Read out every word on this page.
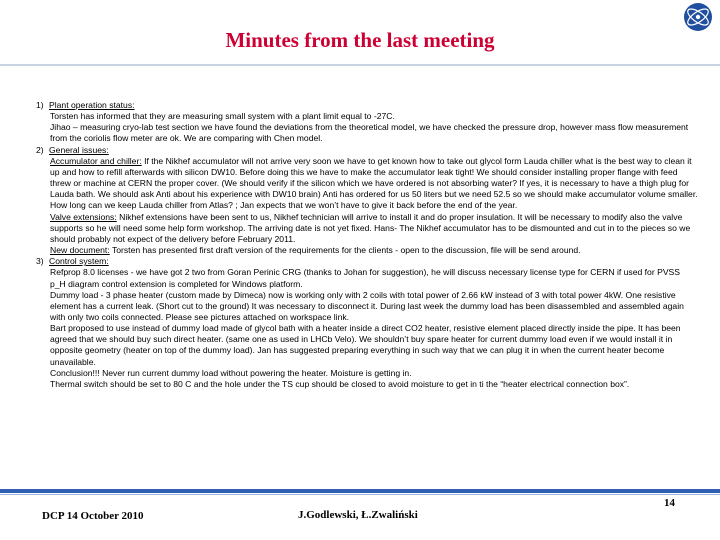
Minutes from the last meeting
1) Plant operation status:

Torsten has informed that they are measuring small system with a plant limit equal to -27C.

Jihao – measuring cryo-lab test section we have found the deviations from the theoretical model, we have checked the pressure drop, however mass flow measurement from the coriolis flow meter are ok. We are comparing with Chen model.

2) General issues:

Accumulator and chiller: If the Nikhef accumulator will not arrive very soon we have to get known how to take out glycol form Lauda chiller what is the best way to clean it up and how to refill afterwards with silicon DW10. Before doing this we have to make the accumulator leak tight! We should consider installing proper flange with feed threw or machine at CERN the proper cover. (We should verify if the silicon which we have ordered is not absorbing water? If yes, it is necessary to have a thigh plug for Lauda bath. We should ask Anti about his experience with DW10 brain) Anti has ordered for us 50 liters but we need 52.5 so we should make accumulator volume smaller.

How long can we keep Lauda chiller from Atlas? ; Jan expects that we won’t have to give it back before the end of the year.

Valve extensions: Nikhef extensions have been sent to us, Nikhef technician will arrive to install it and do proper insulation. It will be necessary to modify also the valve supports so he will need some help form workshop. The arriving date is not yet fixed. Hans- The Nikhef accumulator has to be dismounted and cut in to the pieces so we should probably not expect of the delivery before February 2011.

New document: Torsten has presented first draft version of the requirements for the clients - open to the discussion, file will be send around.

3) Control system:

Refprop 8.0 licenses - we have got 2 two from Goran Perinic CRG (thanks to Johan for suggestion), he will discuss necessary license type for CERN if used for PVSS

p_H diagram control extension is completed for Windows platform.

Dummy load - 3 phase heater (custom made by Dimeca) now is working only with 2 coils with total power of 2.66 kW instead of 3 with total power 4kW. One resistive element has a current leak. (Short cut to the ground) It was necessary to disconnect it. During last week the dummy load has been disassembled and assembled again with only two coils connected. Please see pictures attached on workspace link.

Bart proposed to use instead of dummy load made of glycol bath with a heater inside a direct CO2 heater, resistive element placed directly inside the pipe. It has been agreed that we should buy such direct heater. (same one as used in LHCb Velo). We shouldn’t buy spare heater for current dummy load even if we would install it in opposite geometry (heater on top of the dummy load). Jan has suggested preparing everything in such way that we can plug it in when the current heater become unavailable.

Conclusion!!! Never run current dummy load without powering the heater. Moisture is getting in.

Thermal switch should be set to 80 C and the hole under the TS cup should be closed to avoid moisture to get in ti the “heater electrical connection box”.

DCP 14 October 2010	J.Godlewski, Ł.Zwaliński
14
